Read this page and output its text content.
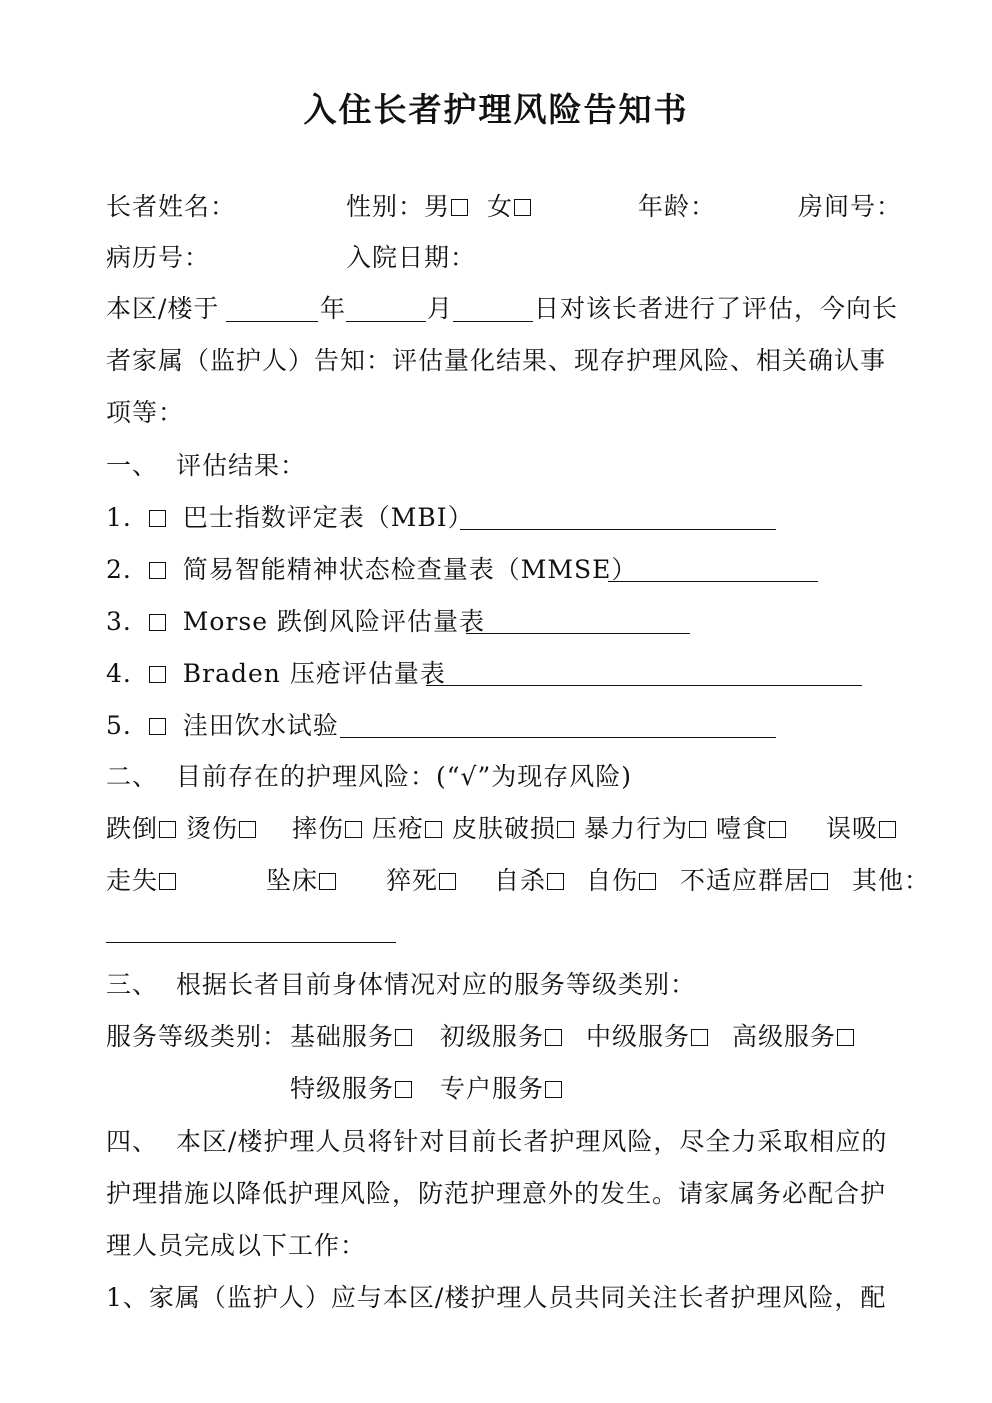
入住长者护理风险告知书
长者姓名：	性别：男 女	年龄：	房间号：
病历号：	入院日期：
本区/楼于	年	月	日对该长者进行了评估，今向长
者家属（监护人）告知：评估量化结果、现存护理风险、相关确认事
项等：
一、 评估结果：
1. 巴士指数评定表（MBI）
2. 简易智能精神状态检查量表（MMSE）
3. Morse 跌倒风险评估量表
4. Braden 压疮评估量表
5. 洼田饮水试验
二、 目前存在的护理风险：(“√”为现存风险)
跌倒	烫伤	摔伤	压疮	皮肤破损	暴力行为	噎食	误吸
走失	坠床	猝死	自杀	自伤	不适应群居	其他：
三、 根据长者目前身体情况对应的服务等级类别：
服务等级类别： 基础服务	初级服务	中级服务	高级服务
特级服务	专户服务
四、 本区/楼护理人员将针对目前长者护理风险，尽全力采取相应的
护理措施以降低护理风险，防范护理意外的发生。请家属务必配合护
理人员完成以下工作：
1、家属（监护人）应与本区/楼护理人员共同关注长者护理风险，配
